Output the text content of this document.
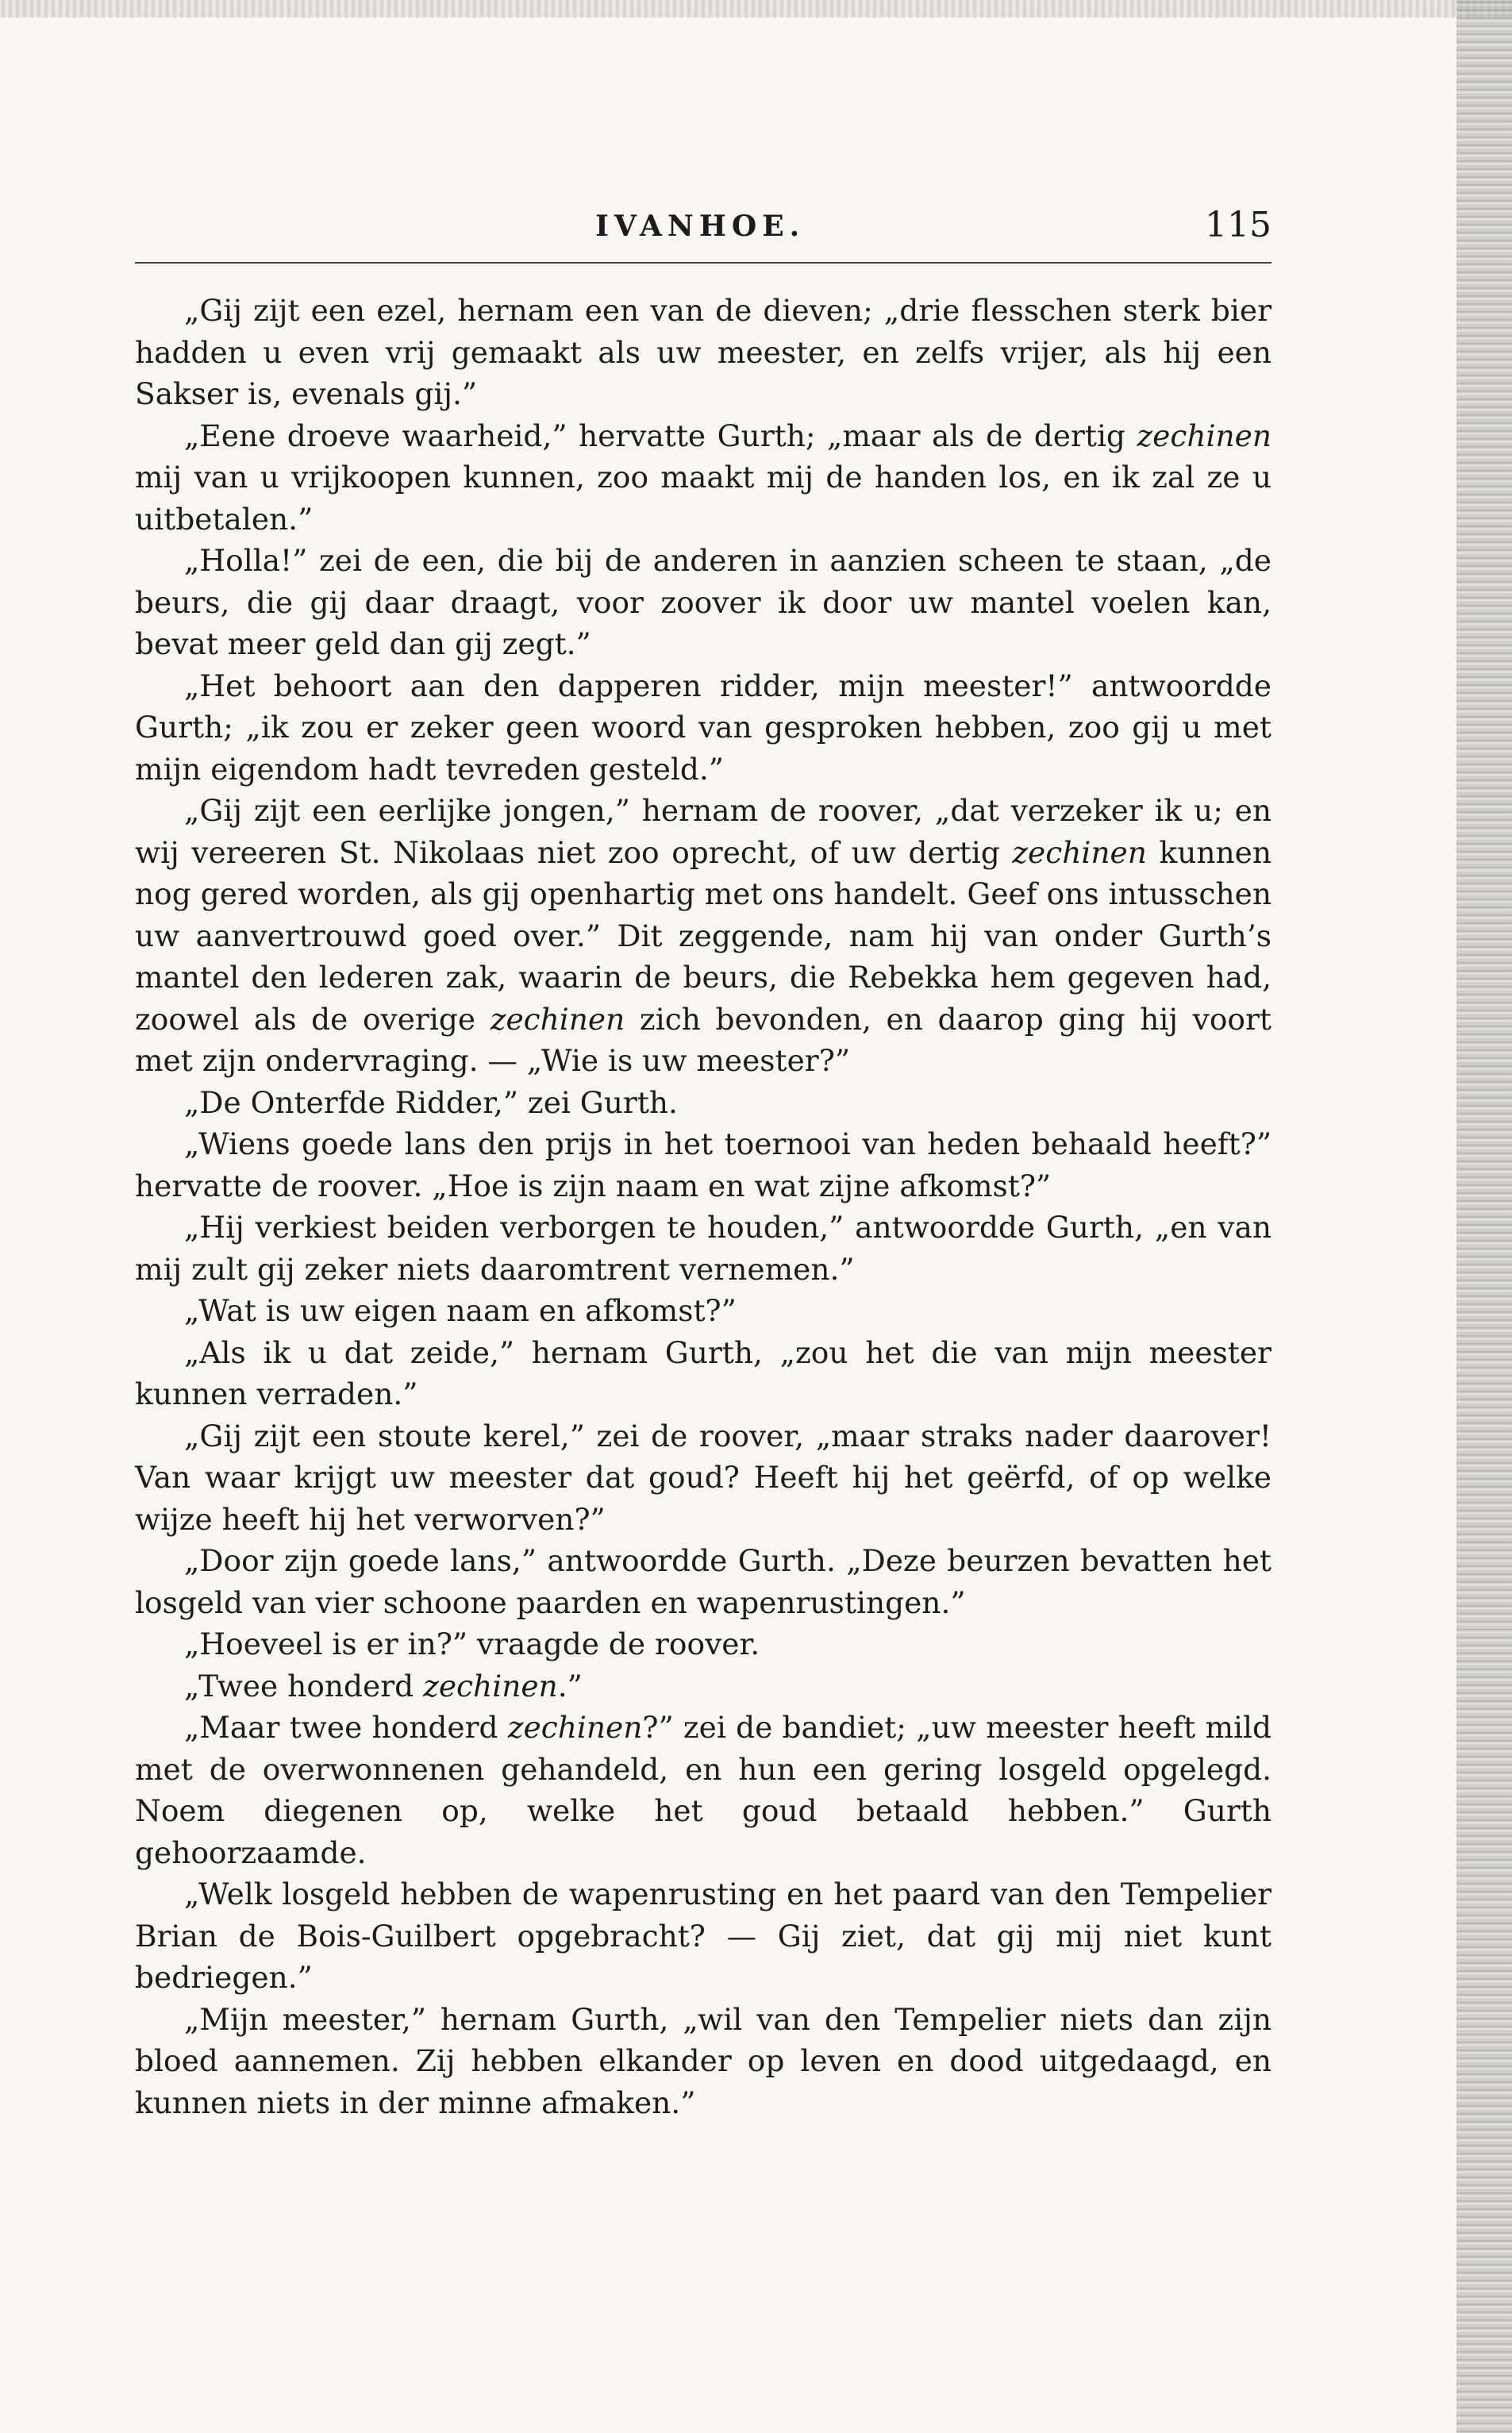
IVANHOE.	115

„Gij zijt een ezel, hernam een van de dieven; „drie flesschen sterk bier hadden u even vrij gemaakt als uw meester, en zelfs vrijer, als hij een Sakser is, evenals gij.”

„Eene droeve waarheid,” hervatte Gurth; „maar als de dertig zechinen mij van u vrijkoopen kunnen, zoo maakt mij de handen los, en ik zal ze u uitbetalen.”

„Holla!” zei de een, die bij de anderen in aanzien scheen te staan, „de beurs, die gij daar draagt, voor zoover ik door uw mantel voelen kan, bevat meer geld dan gij zegt.”

„Het behoort aan den dapperen ridder, mijn meester!” antwoordde Gurth; „ik zou er zeker geen woord van gesproken hebben, zoo gij u met mijn eigendom hadt tevreden gesteld.”

„Gij zijt een eerlijke jongen,” hernam de roover, „dat verzeker ik u; en wij vereeren St. Nikolaas niet zoo oprecht, of uw dertig zechinen kunnen nog gered worden, als gij openhartig met ons handelt. Geef ons intusschen uw aanvertrouwd goed over.” Dit zeggende, nam hij van onder Gurth’s mantel den lederen zak, waarin de beurs, die Rebekka hem gegeven had, zoowel als de overige zechinen zich bevonden, en daarop ging hij voort met zijn ondervraging. — „Wie is uw meester?”

„De Onterfde Ridder,” zei Gurth.

„Wiens goede lans den prijs in het toernooi van heden behaald heeft?” hervatte de roover. „Hoe is zijn naam en wat zijne afkomst?”

„Hij verkiest beiden verborgen te houden,” antwoordde Gurth, „en van mij zult gij zeker niets daaromtrent vernemen.”

„Wat is uw eigen naam en afkomst?”

„Als ik u dat zeide,” hernam Gurth, „zou het die van mijn meester kunnen verraden.”

„Gij zijt een stoute kerel,” zei de roover, „maar straks nader daarover! Van waar krijgt uw meester dat goud? Heeft hij het geërfd, of op welke wijze heeft hij het verworven?”

„Door zijn goede lans,” antwoordde Gurth. „Deze beurzen bevatten het losgeld van vier schoone paarden en wapenrustingen.”

„Hoeveel is er in?” vraagde de roover.

„Twee honderd zechinen.”

„Maar twee honderd zechinen?” zei de bandiet; „uw meester heeft mild met de overwonnenen gehandeld, en hun een gering losgeld opgelegd. Noem diegenen op, welke het goud betaald hebben.” Gurth gehoorzaamde.

„Welk losgeld hebben de wapenrusting en het paard van den Tempelier Brian de Bois-Guilbert opgebracht? — Gij ziet, dat gij mij niet kunt bedriegen.”

„Mijn meester,” hernam Gurth, „wil van den Tempelier niets dan zijn bloed aannemen. Zij hebben elkander op leven en dood uitgedaagd, en kunnen niets in der minne afmaken.”
